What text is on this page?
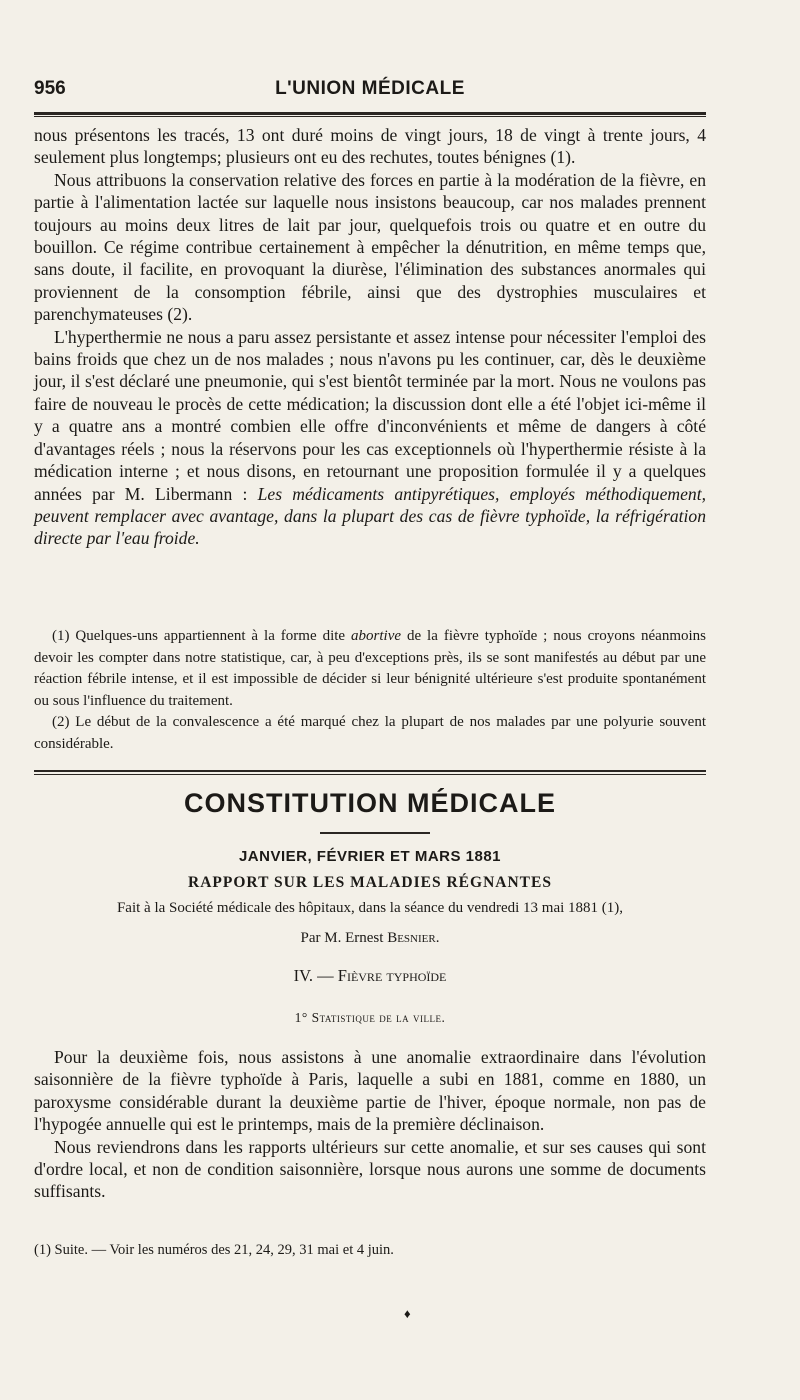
956	L'UNION MÉDICALE

nous présentons les tracés, 13 ont duré moins de vingt jours, 18 de vingt à trente jours, 4 seulement plus longtemps; plusieurs ont eu des rechutes, toutes bénignes (1).

Nous attribuons la conservation relative des forces en partie à la modération de la fièvre, en partie à l'alimentation lactée sur laquelle nous insistons beaucoup, car nos malades prennent toujours au moins deux litres de lait par jour, quelquefois trois ou quatre et en outre du bouillon. Ce régime contribue certainement à empêcher la dénutrition, en même temps que, sans doute, il facilite, en provoquant la diurèse, l'élimination des substances anormales qui proviennent de la consomption fébrile, ainsi que des dystrophies musculaires et parenchymateuses (2).

L'hyperthermie ne nous a paru assez persistante et assez intense pour nécessiter l'emploi des bains froids que chez un de nos malades ; nous n'avons pu les continuer, car, dès le deuxième jour, il s'est déclaré une pneumonie, qui s'est bientôt terminée par la mort. Nous ne voulons pas faire de nouveau le procès de cette médication; la discussion dont elle a été l'objet ici-même il y a quatre ans a montré combien elle offre d'inconvénients et même de dangers à côté d'avantages réels ; nous la réservons pour les cas exceptionnels où l'hyperthermie résiste à la médication interne ; et nous disons, en retournant une proposition formulée il y a quelques années par M. Libermann : Les médicaments antipyrétiques, employés méthodiquement, peuvent remplacer avec avantage, dans la plupart des cas de fièvre typhoïde, la réfrigération directe par l'eau froide.

(1) Quelques-uns appartiennent à la forme dite abortive de la fièvre typhoïde ; nous croyons néanmoins devoir les compter dans notre statistique, car, à peu d'exceptions près, ils se sont manifestés au début par une réaction fébrile intense, et il est impossible de décider si leur bénignité ultérieure s'est produite spontanément ou sous l'influence du traitement.

(2) Le début de la convalescence a été marqué chez la plupart de nos malades par une polyurie souvent considérable.

CONSTITUTION MÉDICALE
JANVIER, FÉVRIER ET MARS 1881
RAPPORT SUR LES MALADIES RÉGNANTES
Fait à la Société médicale des hôpitaux, dans la séance du vendredi 13 mai 1881 (1),
Par M. Ernest Besnier.
IV. — Fièvre typhoïde
1° Statistique de la ville.

Pour la deuxième fois, nous assistons à une anomalie extraordinaire dans l'évolution saisonnière de la fièvre typhoïde à Paris, laquelle a subi en 1881, comme en 1880, un paroxysme considérable durant la deuxième partie de l'hiver, époque normale, non pas de l'hypogée annuelle qui est le printemps, mais de la première déclinaison.

Nous reviendrons dans les rapports ultérieurs sur cette anomalie, et sur ses causes qui sont d'ordre local, et non de condition saisonnière, lorsque nous aurons une somme de documents suffisants.

(1) Suite. — Voir les numéros des 21, 24, 29, 31 mai et 4 juin.
♦
